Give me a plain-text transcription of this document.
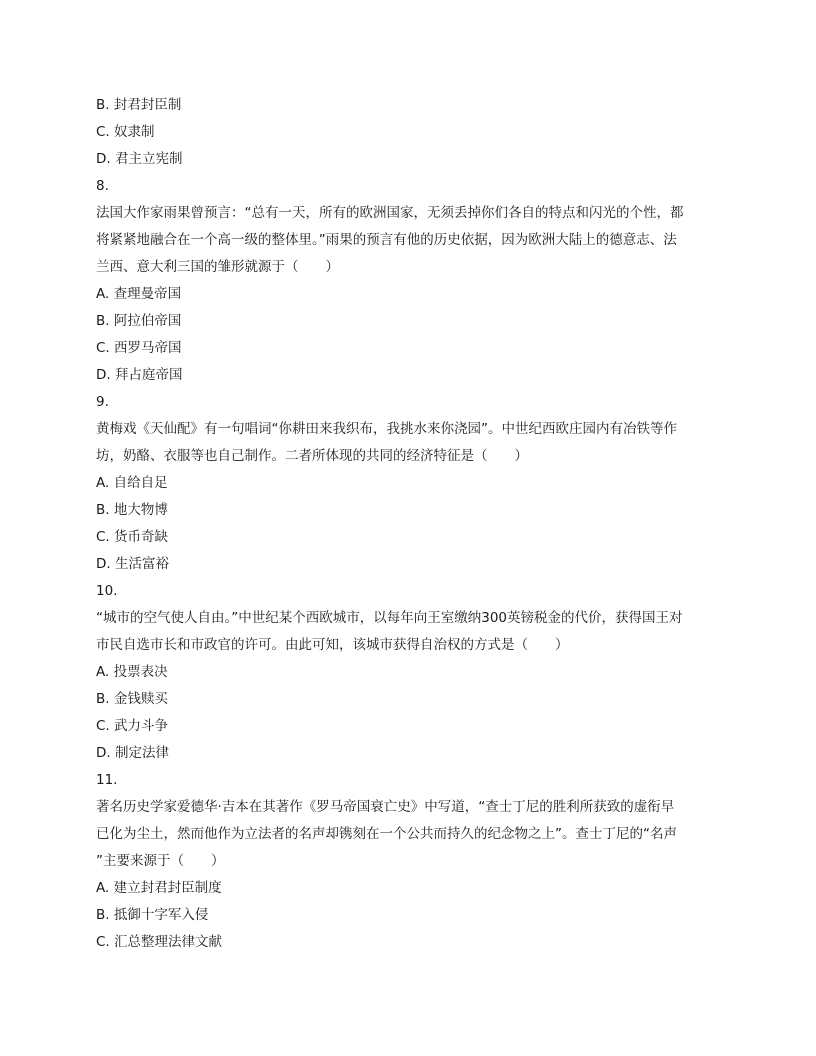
B. 封君封臣制

C. 奴隶制

D. 君主立宪制

8.

法国大作家雨果曾预言：“总有一天，所有的欧洲国家，无须丢掉你们各自的特点和闪光的个性，都

将紧紧地融合在一个高一级的整体里。”雨果的预言有他的历史依据，因为欧洲大陆上的德意志、法

兰西、意大利三国的雏形就源于（　　）

A. 查理曼帝国

B. 阿拉伯帝国

C. 西罗马帝国

D. 拜占庭帝国

9.

黄梅戏《天仙配》有一句唱词“你耕田来我织布，我挑水来你浇园”。中世纪西欧庄园内有冶铁等作

坊，奶酪、衣服等也自己制作。二者所体现的共同的经济特征是（　　）

A. 自给自足

B. 地大物博

C. 货币奇缺

D. 生活富裕

10.

“城市的空气使人自由。”中世纪某个西欧城市，以每年向王室缴纳300英镑税金的代价，获得国王对

市民自选市长和市政官的许可。由此可知，该城市获得自治权的方式是（　　）

A. 投票表决

B. 金钱赎买

C. 武力斗争

D. 制定法律

11.

著名历史学家爱德华·吉本在其著作《罗马帝国衰亡史》中写道，“查士丁尼的胜利所获致的虚衔早

已化为尘土，然而他作为立法者的名声却镌刻在一个公共而持久的纪念物之上”。查士丁尼的“名声

”主要来源于（　　）

A. 建立封君封臣制度

B. 抵御十字军入侵

C. 汇总整理法律文献
